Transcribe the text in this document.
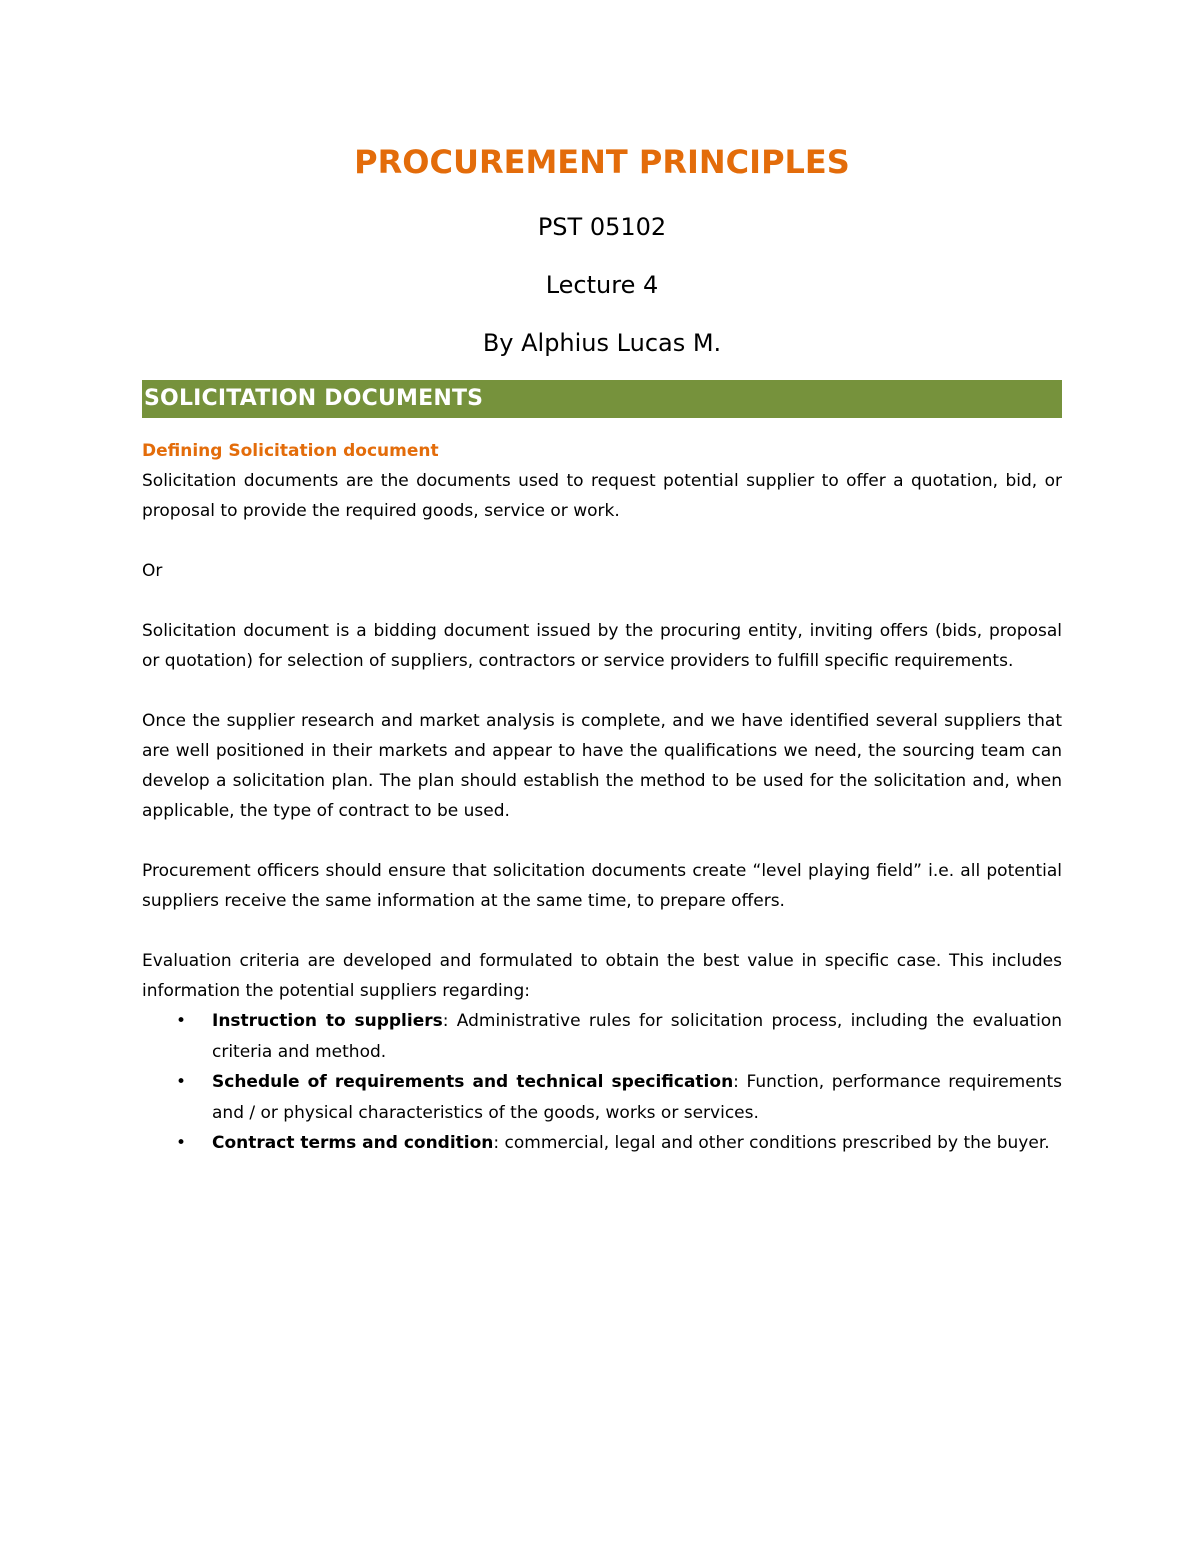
PROCUREMENT PRINCIPLES

PST 05102

Lecture 4

By Alphius Lucas M.

SOLICITATION DOCUMENTS
Defining Solicitation document

Solicitation documents are the documents used to request potential supplier to offer a quotation, bid, or proposal to provide the required goods, service or work.

Or

Solicitation document is a bidding document issued by the procuring entity, inviting offers (bids, proposal or quotation) for selection of suppliers, contractors or service providers to fulfill specific requirements.

Once the supplier research and market analysis is complete, and we have identified several suppliers that are well positioned in their markets and appear to have the qualifications we need, the sourcing team can develop a solicitation plan. The plan should establish the method to be used for the solicitation and, when applicable, the type of contract to be used.

Procurement officers should ensure that solicitation documents create “level playing field” i.e. all potential suppliers receive the same information at the same time, to prepare offers.

Evaluation criteria are developed and formulated to obtain the best value in specific case. This includes information the potential suppliers regarding:

• Instruction to suppliers: Administrative rules for solicitation process, including the evaluation criteria and method.
• Schedule of requirements and technical specification: Function, performance requirements and / or physical characteristics of the goods, works or services.
• Contract terms and condition: commercial, legal and other conditions prescribed by the buyer.
